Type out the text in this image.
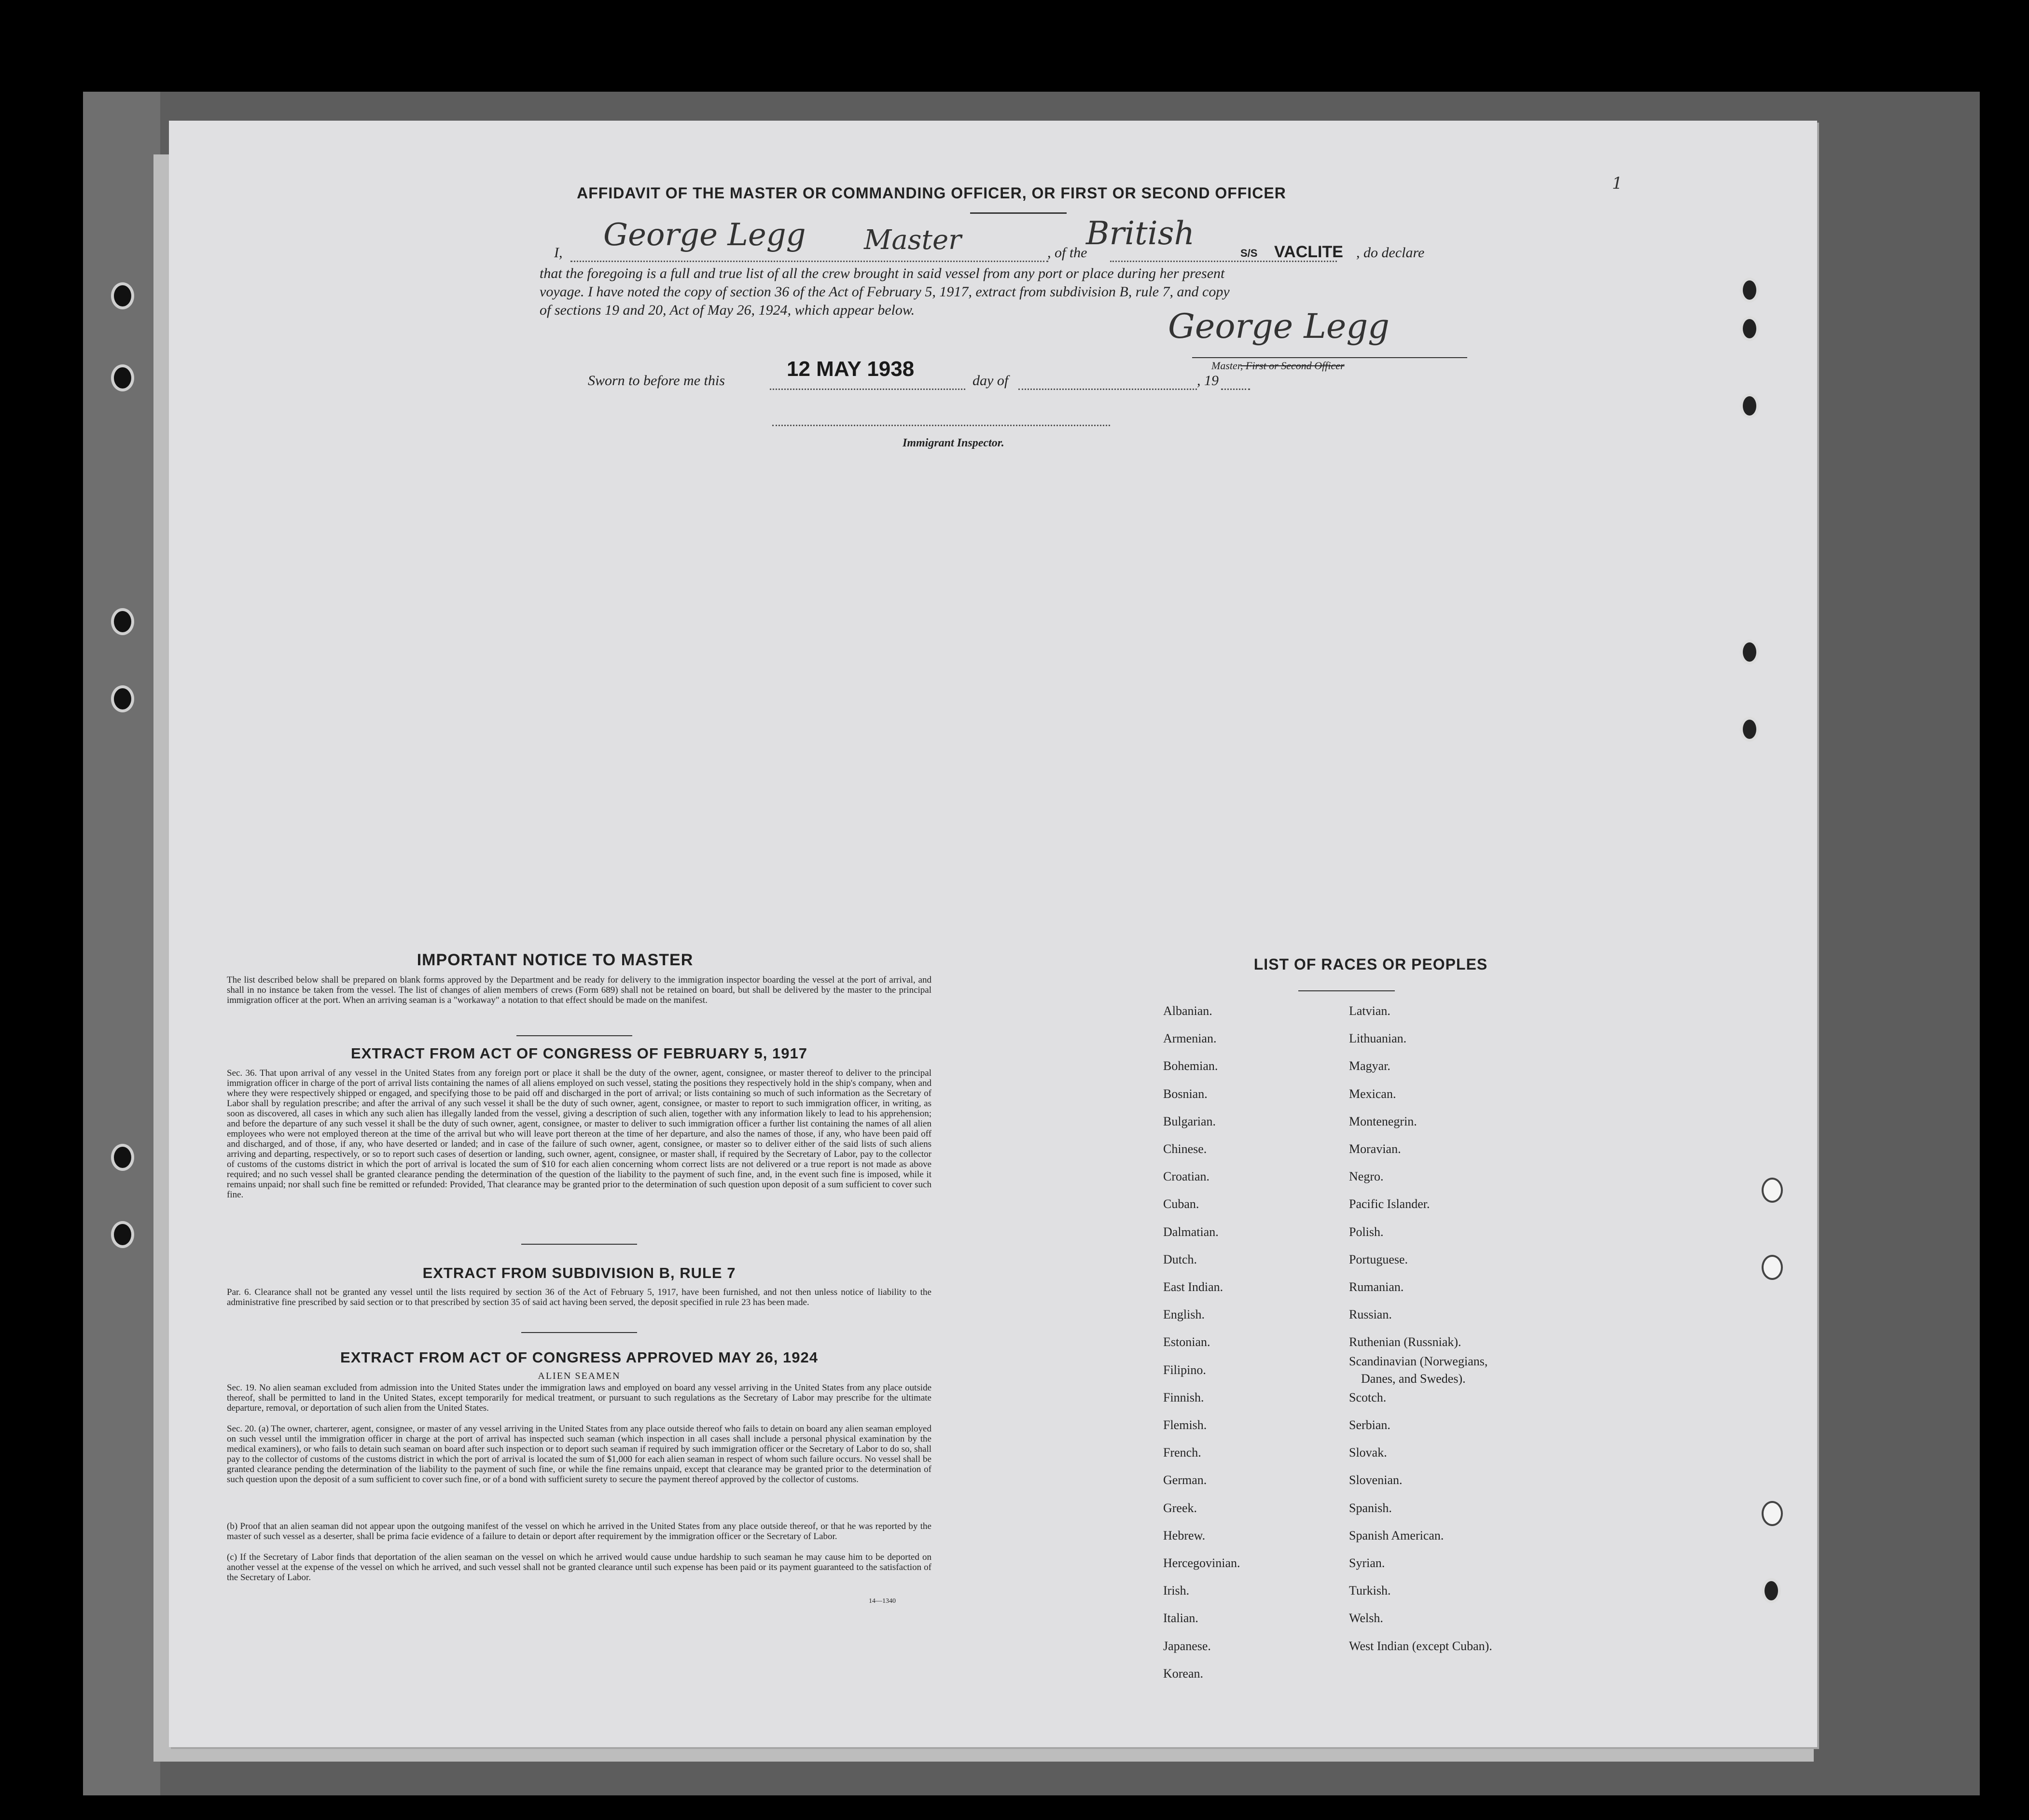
1
AFFIDAVIT OF THE MASTER OR COMMANDING OFFICER, OR FIRST OR SECOND OFFICER
I, George Legg Master	, of the
British
S/S VACLITE , do declare
that the foregoing is a full and true list of all the crew brought in said vessel from any port or place during her present
voyage. I have noted the copy of section 36 of the Act of February 5, 1917, extract from subdivision B, rule 7, and copy
of sections 19 and 20, Act of May 26, 1924, which appear below.	George Legg
Master, First or Second Officer
Sworn to before me this	12 MAY 1938	day of	, 19
Immigrant Inspector.
IMPORTANT NOTICE TO MASTER
The list described below shall be prepared on blank forms approved by the Department and be ready for delivery to the immigration inspector boarding the vessel at the port of arrival, and shall in no instance be taken from the vessel. The list of changes of alien members of crews (Form 689) shall not be retained on board, but shall be delivered by the master to the principal immigration officer at the port. When an arriving seaman is a "workaway" a notation to that effect should be made on the manifest.
EXTRACT FROM ACT OF CONGRESS OF FEBRUARY 5, 1917
Sec. 36. That upon arrival of any vessel in the United States from any foreign port or place it shall be the duty of the owner, agent, consignee, or master thereof to deliver to the principal immigration officer in charge of the port of arrival lists containing the names of all aliens employed on such vessel, stating the positions they respectively hold in the ship's company, when and where they were respectively shipped or engaged, and specifying those to be paid off and discharged in the port of arrival; or lists containing so much of such information as the Secretary of Labor shall by regulation prescribe; and after the arrival of any such vessel it shall be the duty of such owner, agent, consignee, or master to report to such immigration officer, in writing, as soon as discovered, all cases in which any such alien has illegally landed from the vessel, giving a description of such alien, together with any information likely to lead to his apprehension; and before the departure of any such vessel it shall be the duty of such owner, agent, consignee, or master to deliver to such immigration officer a further list containing the names of all alien employees who were not employed thereon at the time of the arrival but who will leave port thereon at the time of her departure, and also the names of those, if any, who have been paid off and discharged, and of those, if any, who have deserted or landed; and in case of the failure of such owner, agent, consignee, or master so to deliver either of the said lists of such aliens arriving and departing, respectively, or so to report such cases of desertion or landing, such owner, agent, consignee, or master shall, if required by the Secretary of Labor, pay to the collector of customs of the customs district in which the port of arrival is located the sum of $10 for each alien concerning whom correct lists are not delivered or a true report is not made as above required; and no such vessel shall be granted clearance pending the determination of the question of the liability to the payment of such fine, and, in the event such fine is imposed, while it remains unpaid; nor shall such fine be remitted or refunded: Provided, That clearance may be granted prior to the determination of such question upon deposit of a sum sufficient to cover such fine.
EXTRACT FROM SUBDIVISION B, RULE 7
Par. 6. Clearance shall not be granted any vessel until the lists required by section 36 of the Act of February 5, 1917, have been furnished, and not then unless notice of liability to the administrative fine prescribed by said section or to that prescribed by section 35 of said act having been served, the deposit specified in rule 23 has been made.
EXTRACT FROM ACT OF CONGRESS APPROVED MAY 26, 1924
ALIEN SEAMEN
Sec. 19. No alien seaman excluded from admission into the United States under the immigration laws and employed on board any vessel arriving in the United States from any place outside thereof, shall be permitted to land in the United States, except temporarily for medical treatment, or pursuant to such regulations as the Secretary of Labor may prescribe for the ultimate departure, removal, or deportation of such alien from the United States.
Sec. 20. (a) The owner, charterer, agent, consignee, or master of any vessel arriving in the United States from any place outside thereof who fails to detain on board any alien seaman employed on such vessel until the immigration officer in charge at the port of arrival has inspected such seaman (which inspection in all cases shall include a personal physical examination by the medical examiners), or who fails to detain such seaman on board after such inspection or to deport such seaman if required by such immigration officer or the Secretary of Labor to do so, shall pay to the collector of customs of the customs district in which the port of arrival is located the sum of $1,000 for each alien seaman in respect of whom such failure occurs. No vessel shall be granted clearance pending the determination of the liability to the payment of such fine, or while the fine remains unpaid, except that clearance may be granted prior to the determination of such question upon the deposit of a sum sufficient to cover such fine, or of a bond with sufficient surety to secure the payment thereof approved by the collector of customs.
(b) Proof that an alien seaman did not appear upon the outgoing manifest of the vessel on which he arrived in the United States from any place outside thereof, or that he was reported by the master of such vessel as a deserter, shall be prima facie evidence of a failure to detain or deport after requirement by the immigration officer or the Secretary of Labor.
(c) If the Secretary of Labor finds that deportation of the alien seaman on the vessel on which he arrived would cause undue hardship to such seaman he may cause him to be deported on another vessel at the expense of the vessel on which he arrived, and such vessel shall not be granted clearance until such expense has been paid or its payment guaranteed to the satisfaction of the Secretary of Labor.
14—1340
LIST OF RACES OR PEOPLES
Albanian.
Armenian.
Bohemian.
Bosnian.
Bulgarian.
Chinese.
Croatian.
Cuban.
Dalmatian.
Dutch.
East Indian.
English.
Estonian.
Filipino.
Finnish.
Flemish.
French.
German.
Greek.
Hebrew.
Hercegovinian.
Irish.
Italian.
Japanese.
Korean.
Latvian.
Lithuanian.
Magyar.
Mexican.
Montenegrin.
Moravian.
Negro.
Pacific Islander.
Polish.
Portuguese.
Rumanian.
Russian.
Ruthenian (Russniak).
Scandinavian (Norwegians,
Danes, and Swedes).
Scotch.
Serbian.
Slovak.
Slovenian.
Spanish.
Spanish American.
Syrian.
Turkish.
Welsh.
West Indian (except Cuban).
